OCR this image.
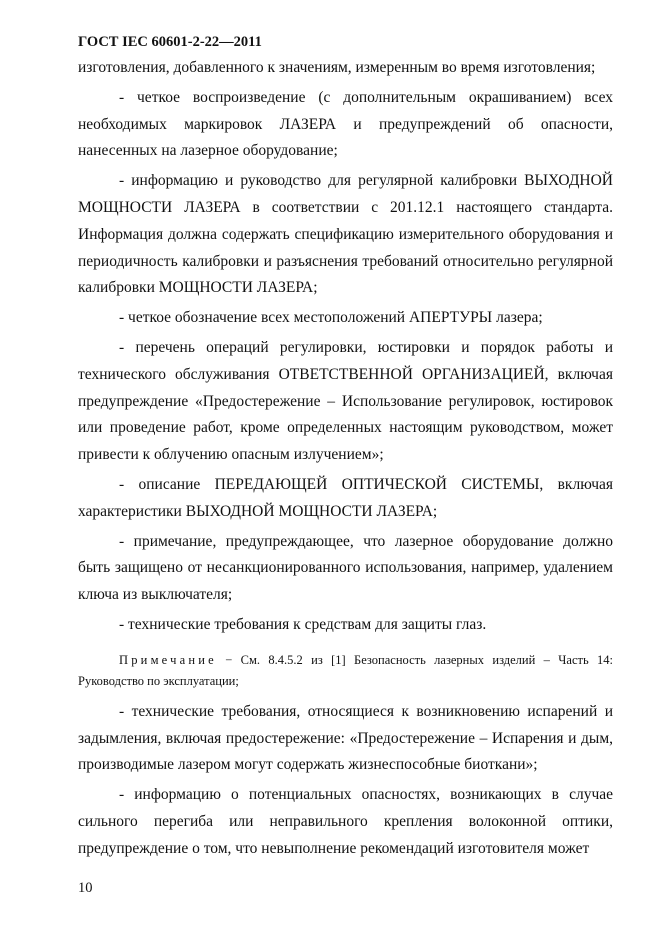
ГОСТ IEC 60601-2-22—2011

изготовления, добавленного к значениям, измеренным во время изготовления;

- четкое воспроизведение (с дополнительным окрашиванием) всех необходимых маркировок ЛАЗЕРА и предупреждений об опасности, нанесенных на лазерное оборудование;

- информацию и руководство для регулярной калибровки ВЫХОДНОЙ МОЩНОСТИ ЛАЗЕРА в соответствии с 201.12.1 настоящего стандарта. Информация должна содержать спецификацию измерительного оборудования и периодичность калибровки и разъяснения требований относительно регулярной калибровки МОЩНОСТИ ЛАЗЕРА;

- четкое обозначение всех местоположений АПЕРТУРЫ лазера;

- перечень операций регулировки, юстировки и порядок работы и технического обслуживания ОТВЕТСТВЕННОЙ ОРГАНИЗАЦИЕЙ, включая предупреждение «Предостережение – Использование регулировок, юстировок или проведение работ, кроме определенных настоящим руководством, может привести к облучению опасным излучением»;

- описание ПЕРЕДАЮЩЕЙ ОПТИЧЕСКОЙ СИСТЕМЫ, включая характеристики ВЫХОДНОЙ МОЩНОСТИ ЛАЗЕРА;

- примечание, предупреждающее, что лазерное оборудование должно быть защищено от несанкционированного использования, например, удалением ключа из выключателя;

- технические требования к средствам для защиты глаз.

Примечание − См. 8.4.5.2 из [1] Безопасность лазерных изделий – Часть 14: Руководство по эксплуатации;

- технические требования, относящиеся к возникновению испарений и задымления, включая предостережение: «Предостережение – Испарения и дым, производимые лазером могут содержать жизнеспособные биоткани»;

- информацию о потенциальных опасностях, возникающих в случае сильного перегиба или неправильного крепления волоконной оптики, предупреждение о том, что невыполнение рекомендаций изготовителя может

10
